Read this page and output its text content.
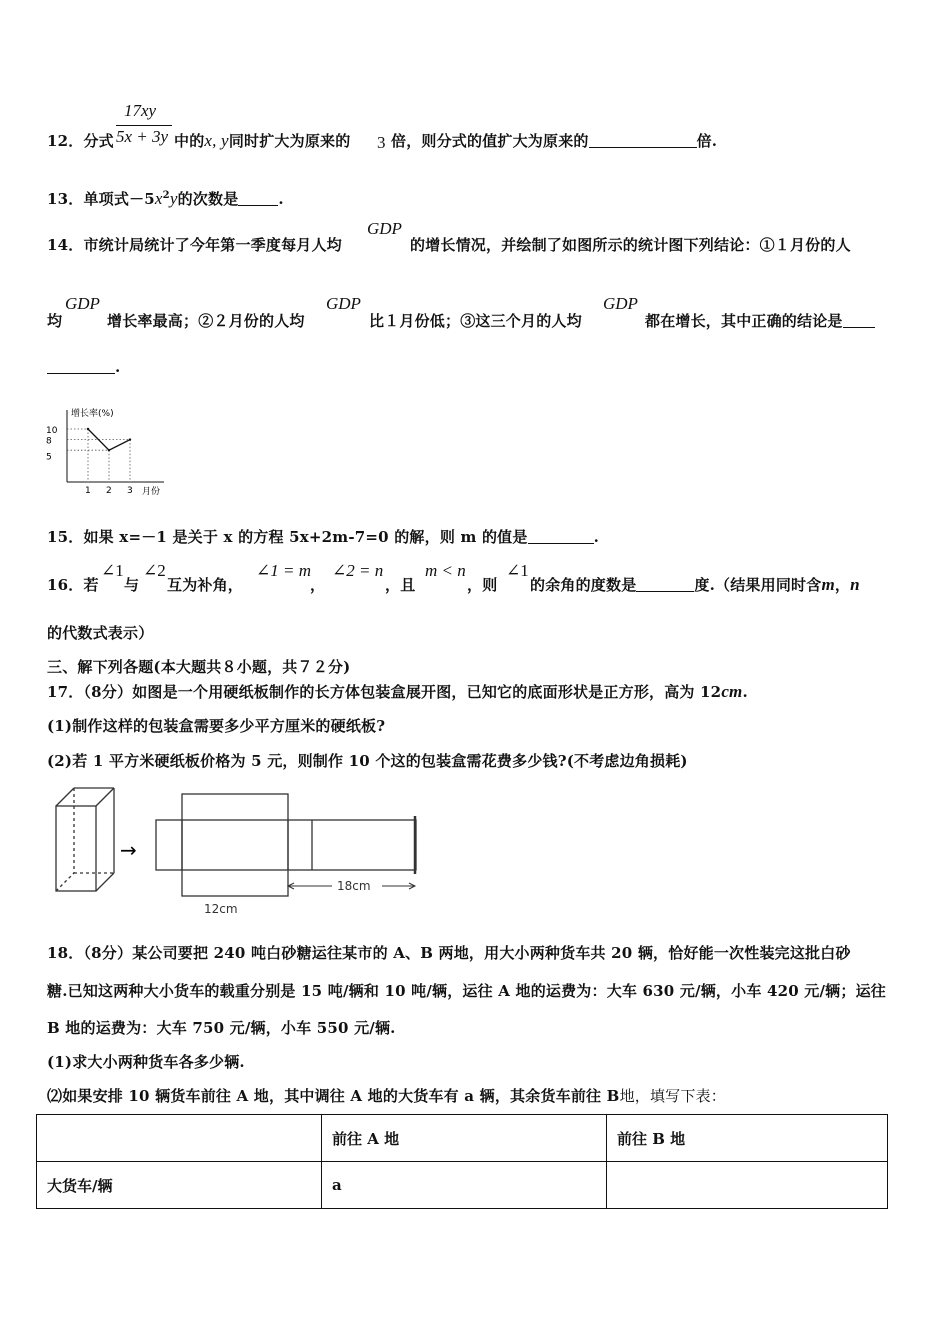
17xy
5x + 3y
12．分式	中的x, y同时扩大为原来的 3 倍，则分式的值扩大为原来的	倍.
13．单项式$-5x^2y$的次数是	.
14．市统计局统计了今年第一季度每月人均
GDP
的增长情况，并绘制了如图所示的统计图下列结论：①１月份的人
均
GDP
增长率最高；②２月份的人均
GDP
比１月份低；③这三个月的人均
GDP
都在增长，其中正确的结论是
.
增长率(%)
月份
10
8
5
1 2 3
15．如果 x=－1 是关于 x 的方程 5x+2m-7=0 的解，则 m 的值是	.
16．若
∠1
与
∠2
互为补角，
∠1 = m
，
∠2 = n
，且
m < n
，则
∠1
的余角的度数是	度.（结果用同时含m，n
的代数式表示）
三、解下列各题(本大题共８小题，共７２分)
17．（8分）如图是一个用硬纸板制作的长方体包装盒展开图，已知它的底面形状是正方形，高为 12cm.
(1)制作这样的包装盒需要多少平方厘米的硬纸板?
(2)若 1 平方米硬纸板价格为 5 元，则制作 10 个这的包装盒需花费多少钱?(不考虑边角损耗)
→
18cm
12cm
18．（8分）某公司要把 240 吨白砂糖运往某市的 A、B 两地，用大小两种货车共 20 辆，恰好能一次性装完这批白砂
糖.已知这两种大小货车的载重分别是 15 吨/辆和 10 吨/辆，运往 A 地的运费为：大车 630 元/辆，小车 420 元/辆；运往
B 地的运费为：大车 750 元/辆，小车 550 元/辆.
(1)求大小两种货车各多少辆.
⑵如果安排 10 辆货车前往 A 地，其中调往 A 地的大货车有 a 辆，其余货车前往 B地，填写下表：
	前往 A 地	前往 B 地
大货车/辆	a	
